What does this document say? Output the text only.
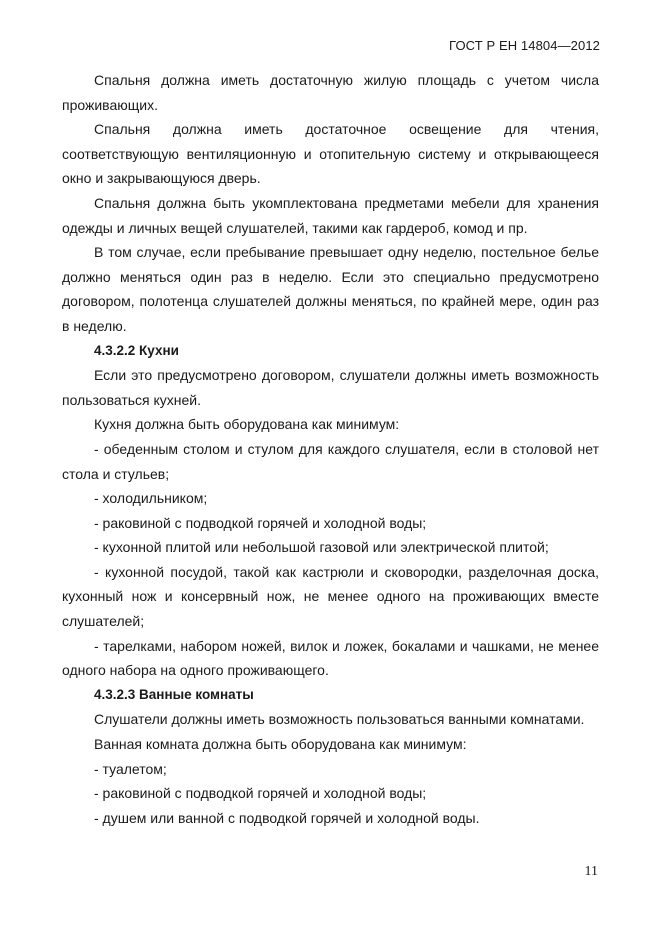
ГОСТ Р ЕН 14804—2012

Спальня должна иметь достаточную жилую площадь с учетом числа проживающих.

Спальня должна иметь достаточное освещение для чтения, соответствующую вентиляционную и отопительную систему и открывающееся окно и закрывающуюся дверь.

Спальня должна быть укомплектована предметами мебели для хранения одежды и личных вещей слушателей, такими как гардероб, комод и пр.

В том случае, если пребывание превышает одну неделю, постельное белье должно меняться один раз в неделю. Если это специально предусмотрено договором, полотенца слушателей должны меняться, по крайней мере, один раз в неделю.

4.3.2.2 Кухни

Если это предусмотрено договором, слушатели должны иметь возможность пользоваться кухней.

Кухня должна быть оборудована как минимум:

- обеденным столом и стулом для каждого слушателя, если в столовой нет стола и стульев;

- холодильником;

- раковиной с подводкой горячей и холодной воды;

- кухонной плитой или небольшой газовой или электрической плитой;

- кухонной посудой, такой как кастрюли и сковородки, разделочная доска, кухонный нож и консервный нож, не менее одного на проживающих вместе слушателей;

- тарелками, набором ножей, вилок и ложек, бокалами и чашками, не менее одного набора на одного проживающего.

4.3.2.3 Ванные комнаты

Слушатели должны иметь возможность пользоваться ванными комнатами.

Ванная комната должна быть оборудована как минимум:

- туалетом;

- раковиной с подводкой горячей и холодной воды;

- душем или ванной с подводкой горячей и холодной воды.

11
